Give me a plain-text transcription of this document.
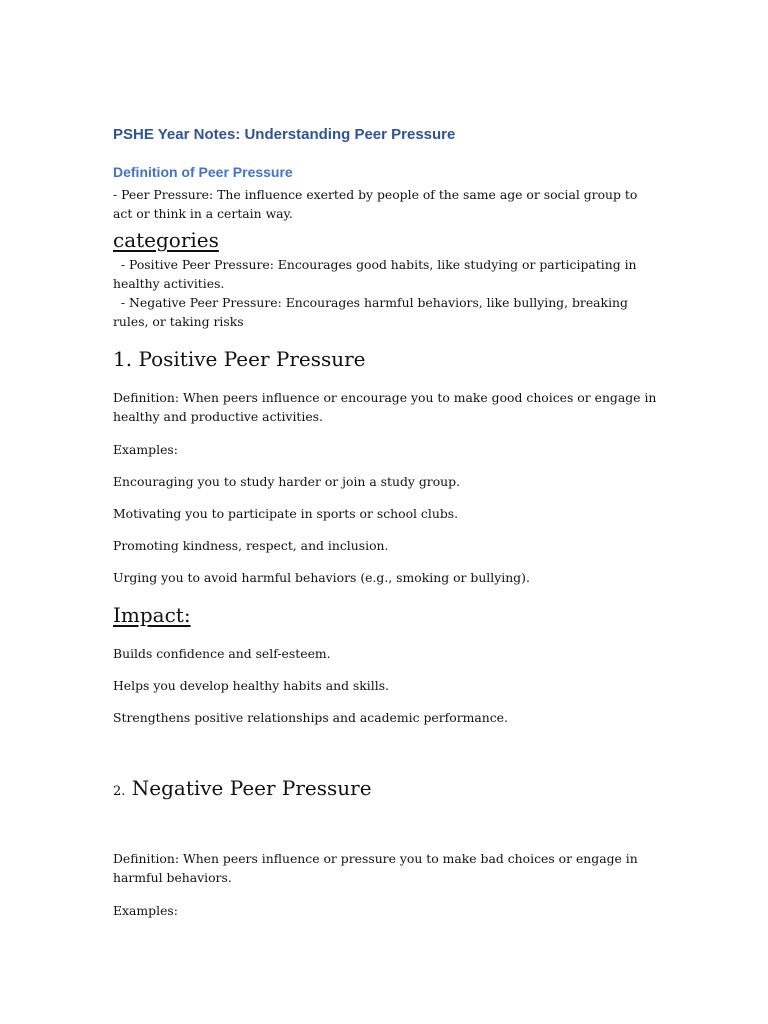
PSHE Year Notes: Understanding Peer Pressure

Definition of Peer Pressure

- Peer Pressure: The influence exerted by people of the same age or social group to act or think in a certain way.

categories

- Positive Peer Pressure: Encourages good habits, like studying or participating in healthy activities.

- Negative Peer Pressure: Encourages harmful behaviors, like bullying, breaking rules, or taking risks

1. Positive Peer Pressure

Definition: When peers influence or encourage you to make good choices or engage in healthy and productive activities.

Examples:

Encouraging you to study harder or join a study group.

Motivating you to participate in sports or school clubs.

Promoting kindness, respect, and inclusion.

Urging you to avoid harmful behaviors (e.g., smoking or bullying).

Impact:

Builds confidence and self-esteem.

Helps you develop healthy habits and skills.

Strengthens positive relationships and academic performance.

2. Negative Peer Pressure

Definition: When peers influence or pressure you to make bad choices or engage in harmful behaviors.

Examples:
